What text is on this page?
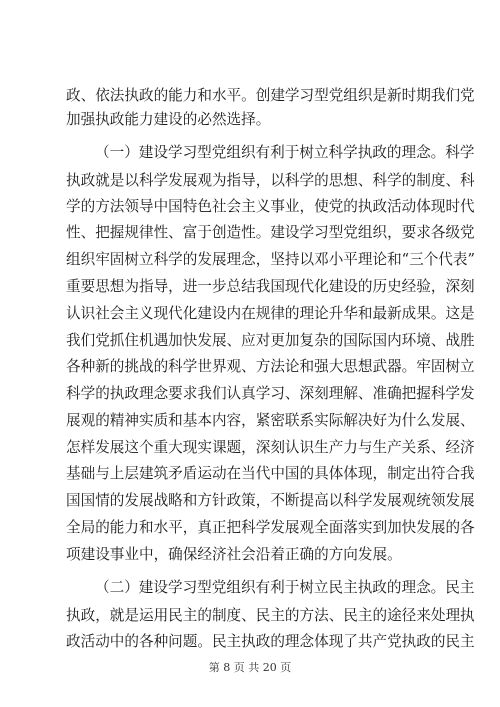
政、依法执政的能力和水平。创建学习型党组织是新时期我们党
加强执政能力建设的必然选择。
（一）建设学习型党组织有利于树立科学执政的理念。科学
执政就是以科学发展观为指导，以科学的思想、科学的制度、科
学的方法领导中国特色社会主义事业，使党的执政活动体现时代
性、把握规律性、富于创造性。建设学习型党组织，要求各级党
组织牢固树立科学的发展理念，坚持以邓小平理论和“三个代表”
重要思想为指导，进一步总结我国现代化建设的历史经验，深刻
认识社会主义现代化建设内在规律的理论升华和最新成果。这是
我们党抓住机遇加快发展、应对更加复杂的国际国内环境、战胜
各种新的挑战的科学世界观、方法论和强大思想武器。牢固树立
科学的执政理念要求我们认真学习、深刻理解、准确把握科学发
展观的精神实质和基本内容，紧密联系实际解决好为什么发展、
怎样发展这个重大现实课题，深刻认识生产力与生产关系、经济
基础与上层建筑矛盾运动在当代中国的具体体现，制定出符合我
国国情的发展战略和方针政策，不断提高以科学发展观统领发展
全局的能力和水平，真正把科学发展观全面落实到加快发展的各
项建设事业中，确保经济社会沿着正确的方向发展。
（二）建设学习型党组织有利于树立民主执政的理念。民主
执政，就是运用民主的制度、民主的方法、民主的途径来处理执
政活动中的各种问题。民主执政的理念体现了共产党执政的民主
第 8 页 共 20 页
